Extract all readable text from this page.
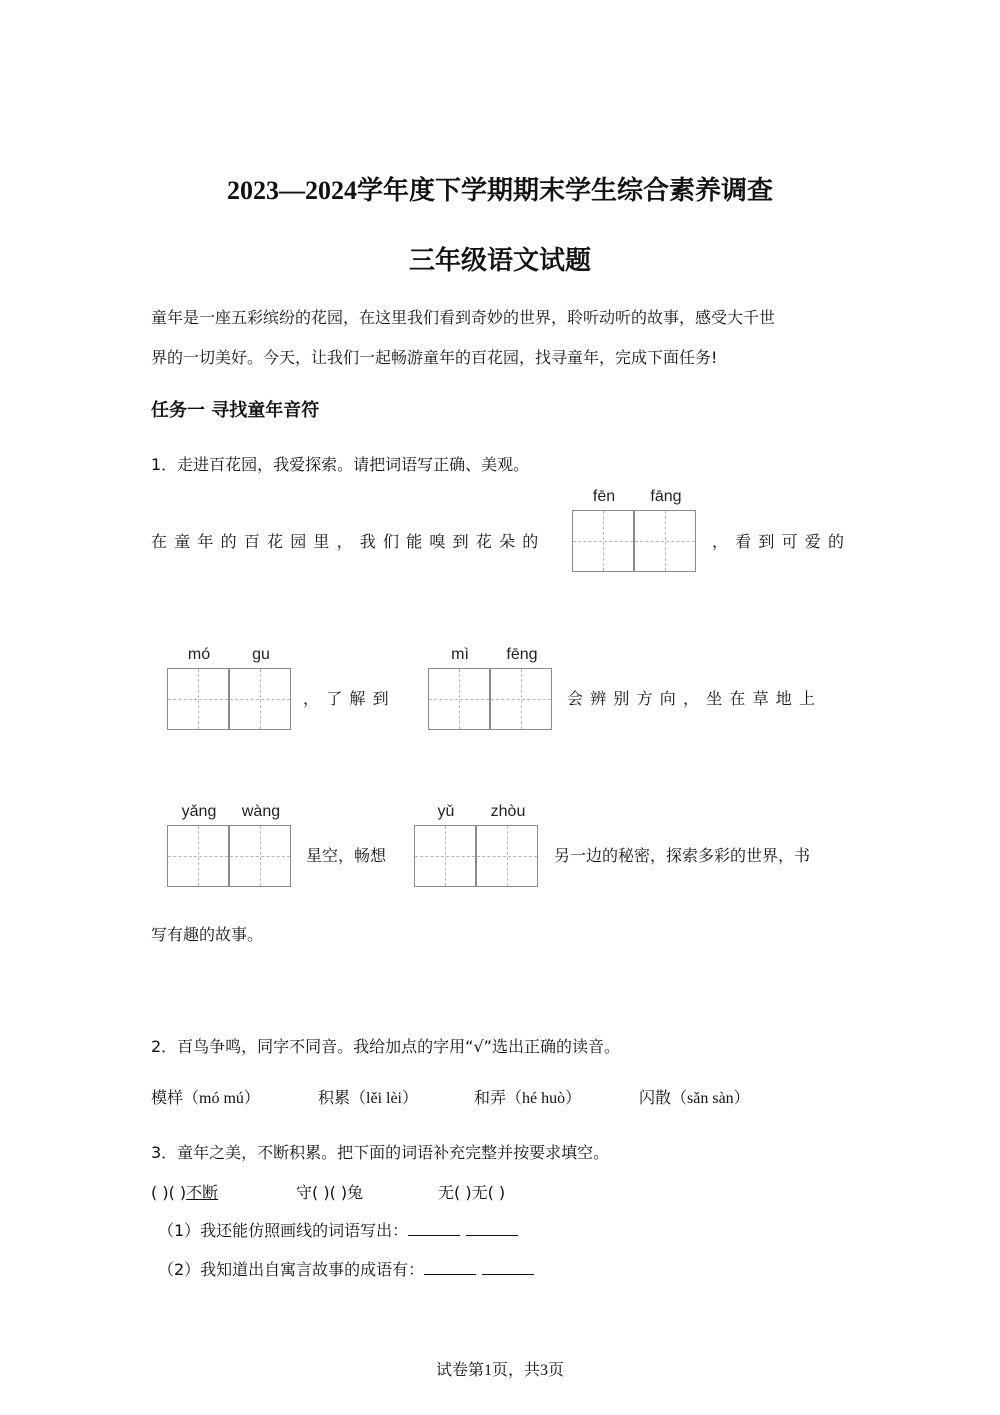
2023—2024学年度下学期期末学生综合素养调查
三年级语文试题
童年是一座五彩缤纷的花园，在这里我们看到奇妙的世界，聆听动听的故事，感受大千世
界的一切美好。今天，让我们一起畅游童年的百花园，找寻童年，完成下面任务!
任务一 寻找童年音符
1．走进百花园，我爱探索。请把词语写正确、美观。
在童年的百花园里，我们能嗅到花朵的
fēn	fāng
，看到可爱的
mó	gu
，了解到
mì	fēng
会辨别方向，坐在草地上
yǎng	wàng
星空，畅想
yǔ	zhòu
另一边的秘密，探索多彩的世界，书
写有趣的故事。
2．百鸟争鸣，同字不同音。我给加点的字用“√”选出正确的读音。
模样（mó mú）	积累（lěi lèi）	和弄（hé huò）	闪散（sǎn sàn）
3．童年之美，不断积累。把下面的词语补充完整并按要求填空。
( )( )不断	守( )( )兔	无( )无( )
（1）我还能仿照画线的词语写出：
（2）我知道出自寓言故事的成语有：
试卷第1页，共3页
